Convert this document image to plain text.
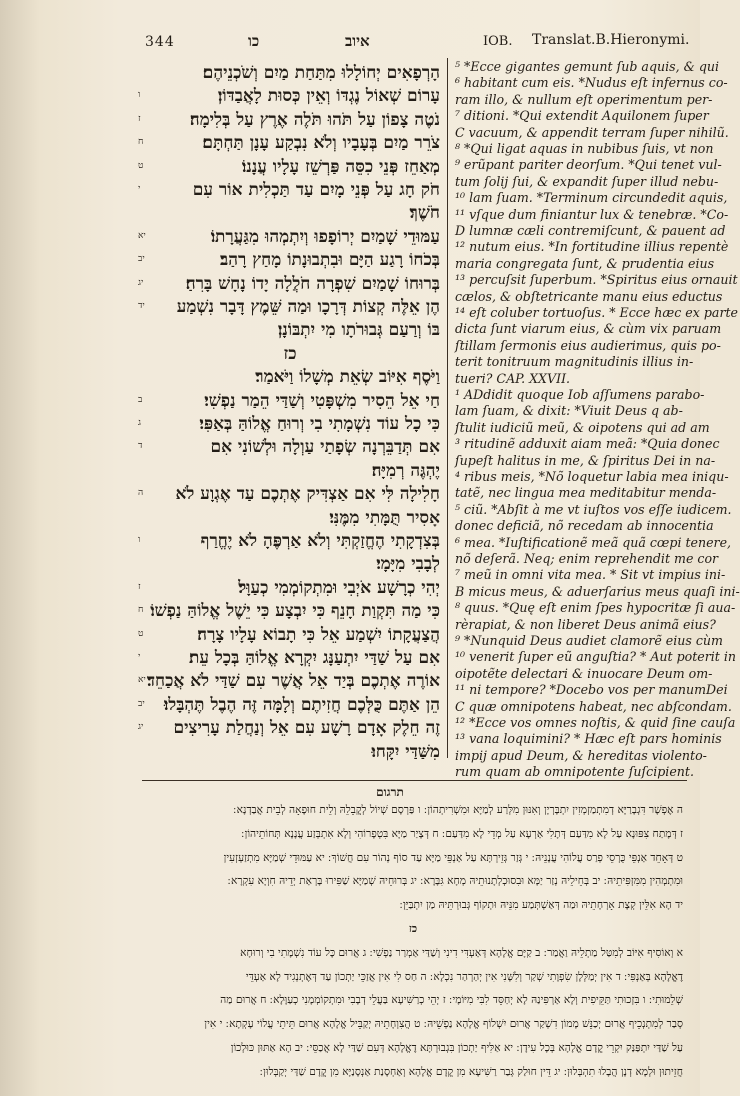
344	כו	איוב	IOB. Translat.B.Hieronymi.
הָרְפָאִים יְחוֹלָלוּ מִתַּחַת מַיִם וְשֹׁכְנֵיהֶם׃
עָרוֹם שְׁאוֹל נֶגְדּוֹ וְאֵין כְּסוּת לָאֲבַדּוֹן׃
ו
נֹטֶה צָפוֹן עַל תֹּהוּ תֹּלֶה אֶרֶץ עַל בְּלִימָה׃
ז
צֹרֵר מַיִם בְּעָבָיו וְלֹא נִבְקַע עָנָן תַּחְתָּם׃
ח
מְאַחֵז פְּנֵי כִסֵּה פַּרְשֵׁז עָלָיו עֲנָנוֹ׃
ט
חֹק חָג עַל פְּנֵי מָיִם עַד תַּכְלִית אוֹר עִם
י
חֹשֶׁךְ׃
עַמּוּדֵי שָׁמַיִם יְרוֹפָפוּ וְיִתְמְהוּ מִגַּעֲרָתוֹ׃
יא
בְּכֹחוֹ רָגַע הַיָּם וּבִתְבוּנָתוֹ מָחַץ רָהַב׃
יב
בְּרוּחוֹ שָׁמַיִם שִׁפְרָה חֹלֲלָה יָדוֹ נָחָשׁ בָּרִחַ׃
יג
הֶן אֵלֶּה קְצוֹת דְּרָכָו וּמַה שֵּׁמֶץ דָּבָר נִשְׁמַע
יד
בּוֹ וְרַעַם גְּבוּרֹתָו מִי יִתְבּוֹנָן׃
כז
וַיֹּסֶף אִיּוֹב שְׂאֵת מְשָׁלוֹ וַיֹּאמַר׃
חַי אֵל הֵסִיר מִשְׁפָּטִי וְשַׁדַּי הֵמַר נַפְשִׁי׃
ב
כִּי כָל עוֹד נִשְׁמָתִי בִי וְרוּחַ אֱלוֹהַּ בְּאַפִּי׃
ג
אִם תְּדַבֵּרְנָה שְׂפָתַי עַוְלָה וּלְשׁוֹנִי אִם
ד
יֶהְגֶּה רְמִיָּה׃
חָלִילָה לִּי אִם אַצְדִּיק אֶתְכֶם עַד אֶגְוָע לֹא
ה
אָסִיר תֻּמָּתִי מִמֶּנִּי׃
בְּצִדְקָתִי הֶחֱזַקְתִּי וְלֹא אַרְפֶּהָ לֹא יֶחֱרַף
ו
לְבָבִי מִיָּמָי׃
יְהִי כְרָשָׁע אֹיְבִי וּמִתְקוֹמְמִי כְעַוָּל׃
ז
כִּי מַה תִּקְוַת חָנֵף כִּי יִבְצָע כִּי יֵשֶׁל אֱלוֹהַּ נַפְשׁוֹ׃
ח
הֲצַעֲקָתוֹ יִשְׁמַע אֵל כִּי תָבוֹא עָלָיו צָרָה׃
ט
אִם עַל שַׁדַּי יִתְעַנָּג יִקְרָא אֱלוֹהַּ בְּכָל עֵת׃
י
אוֹרֶה אֶתְכֶם בְּיַד אֵל אֲשֶׁר עִם שַׁדַּי לֹא אֲכַחֵד׃
יא
הֵן אַתֶּם כֻּלְּכֶם חֲזִיתֶם וְלָמָּה זֶּה הֶבֶל תֶּהְבָּלוּ׃
יב
זֶה חֵלֶק אָדָם רָשָׁע עִם אֵל וְנַחֲלַת עָרִיצִים
יג
מִשַּׁדַּי יִקָּחוּ׃
⁵ *Ecce gigantes gemunt ſub aquis, & qui
⁶ habitant cum eis. *Nudus eſt infernus co-
ram illo, & nullum eſt operimentum per-
⁷ ditioni. *Qui extendit Aquilonem ſuper
C vacuum, & appendit terram ſuper nihilũ.
⁸ *Qui ligat aquas in nubibus ſuis, vt non
⁹ erũpant pariter deorſum. *Qui tenet vul-
tum ſolij ſui, & expandit ſuper illud nebu-
¹⁰ lam ſuam. *Terminum circundedit aquis,
¹¹ vſque dum finiantur lux & tenebræ. *Co-
D lumnæ cæli contremiſcunt, & pauent ad
¹² nutum eius. *In fortitudine illius repentè
maria congregata ſunt, & prudentia eius
¹³ percuſsit ſuperbum. *Spiritus eius ornauit
cælos, & obſtetricante manu eius eductus
¹⁴ eſt coluber tortuoſus. * Ecce hæc ex parte
dicta ſunt viarum eius, & cùm vix paruam
ſtillam ſermonis eius audierimus, quis po-
terit tonitruum magnitudinis illius in-
tueri? CAP. XXVII.
¹ ADdidit quoque Iob aſſumens parabo-
lam ſuam, & dixit: *Viuit Deus q ab-
ſtulit iudiciũ meũ, & oipotens qui ad am
³ ritudinẽ adduxit aiam meã: *Quia donec
ſupeſt halitus in me, & ſpiritus Dei in na-
⁴ ribus meis, *Nõ loquetur labia mea iniqu-
tatẽ, nec lingua mea meditabitur menda-
⁵ ciũ. *Abſit à me vt iuſtos vos eſſe iudicem.
donec deficiã, nõ recedam ab innocentia
⁶ mea. *Iuſtificationẽ meã quã cœpi tenere,
nõ deſerã. Neq; enim reprehendit me cor
⁷ meũ in omni vita mea. * Sit vt impius ini-
B micus meus, & aduerſarius meus quaſi ini-
⁸ quus. *Quę eſt enim ſpes hypocritæ ſi aua-
rèrapiat, & non liberet Deus animã eius?
⁹ *Nunquid Deus audiet clamorẽ eius cùm
¹⁰ venerit ſuper eũ anguſtia? * Aut poterit in
oipotẽte delectari & inuocare Deum om-
¹¹ ni tempore? *Docebo vos per manumDei
C quæ omnipotens habeat, nec abſcondam.
¹² *Ecce vos omnes noſtis, & quid ſine cauſa
¹³ vana loquimini? * Hæc eſt pars hominis
impij apud Deum, & hereditas violento-
rum quam ab omnipotente ſuſcipient.
תרגום
ה אֶפְשָׁר דִּגְבָרַיָּא דְמִתְמַזְמְזִין יִתְבָּרְיָן וְאִנּוּן מִלְּרַע לְמַיָּא וּמִשְׁרִיתְהוֹן ׃ ו פַּרְסָם שְׁיוֹל לְקֳבֵלֵהּ וְלֵית חוּפָאָה לְבֵית אֲבַדְנָא ׃
ז דְּמָתַח צִפּוּנָא עַל לָא מִדַּעַם דְּתָלִי אַרְעָא עַל מְדֵי לָא מִדַּעַם ׃ ח דְּצָיַר מַיָּא בִּטְפָרוֹהִי וְלָא אִתְבְּזַע עֲנָנָא תְּחוֹתֵיהוֹן ׃
ט דְּאָחֵד אַנְפֵּי כֻּרְסֵי פְרַס עֲלוֹהִי עֲנָנֵיהּ ׃ י גְּזַר גְּזֵירְתָּא עַל אַנְפֵּי מַיָּא עַד סוֹף נְהוֹר עִם חֲשׁוֹךְ ׃ יא עַמּוּדֵי שְׁמַיָּא מִתְזַעְזְעִין
וּמִתְמְהִין מִמִּזְפִּיתֵיהּ ׃ יב בְּחֵילֵיהּ נְזַר יַמָּא וּבִסוּכְלְתָנוּתֵיהּ מְחָא גִּבָּרָא ׃ יג בְּרוּחֵיהּ שְׁמַיָּא שַׁפִּירוּ בָּרְאַת יְדֵיהּ חִוְיָא עִקְרָא ׃
יד הָא אִלֵּין קְצָת אָרְחָתֵיהּ וּמַה דְּאַשְׁתְּמַע מִנֵּיהּ וּתְקוֹף גְּבוּרְתֵּיהּ מַן יִתְבַּיֵּן ׃
כז
א וְאוֹסִיף אִיּוֹב לְמִטַּל מַתְלֵיהּ וַאֲמַר ׃ ב קַיָּם אֱלָהָא דְּאַעְדִּי דִינִי וְשַׁדַּי אַמְרַר נַפְשִׁי ׃ ג אֲרוּם כָּל עוֹד נִשְׁמָתִי בִי וְרוּחָא
דֶאֱלָהָא בְּאַנְפִּי ׃ ד אִין יְמַלְּלָן שִׂפְוָתִי שְׁקַר וְלִשָּׁנִי אִין יְהַרְהַר נִכְלָא ׃ ה חַס לִי אִין אֲזַכֵּי יַתְכוֹן עַד דְּאֶתְנְגִיד לָא אַעְדֵּי
שְׁלֵמוּתִי ׃ ו בִּזְכוּתִי תַּקֵּיפִית וְלָא אַרְפִּינַהּ לָא יְחַסֵּד לִבִּי מִיּוֹמָי ׃ ז יְהֵי כְרַשִּׁיעָא בַּעֲלֵי דְבָבִי וּמִתְקוֹמְמָנִי כְעַוָּלָא ׃ ח אֲרוּם מַה
סְבַר לְמִתְנְכֵיף אֲרוּם יְכַנֵּשׁ מָמוֹן דִשְׁקַר אֲרוּם יִשְׁלוֹף אֱלָהָא נַפְשֵׁיהּ ׃ ט הֲצִוְחָתֵיהּ יְקַבֵּיל אֱלָהָא אֲרוּם תֵּיתֵי עֲלוֹי עָקְתָא ׃ י אִין
עַל שַׁדַּי יִתְפַּנַּק יִקְרֵי קֳדָם אֱלָהָא בְּכָל עִידָן ׃ יא אַלִּיף יַתְכוֹן בִּגְבוּרְתָּא דֶאֱלָהָא דְּעִם שַׁדַּי לָא אֲכַסֵּי ׃ יב הָא אַתּוּן כּוּלְכוֹן
חֲזֵיתוּן וּלְמָא דְנָן הֲבָלוּ תִהְבְּלוּן ׃ יג דֵּין חוּלַק גְּבַר רַשִּׁיעָא מִן קֳדָם אֱלָהָא וְאַחְסָנַת אַנְסָנַיָּא מִן קֳדָם שַׁדַּי יְקַבְּלוּן ׃
